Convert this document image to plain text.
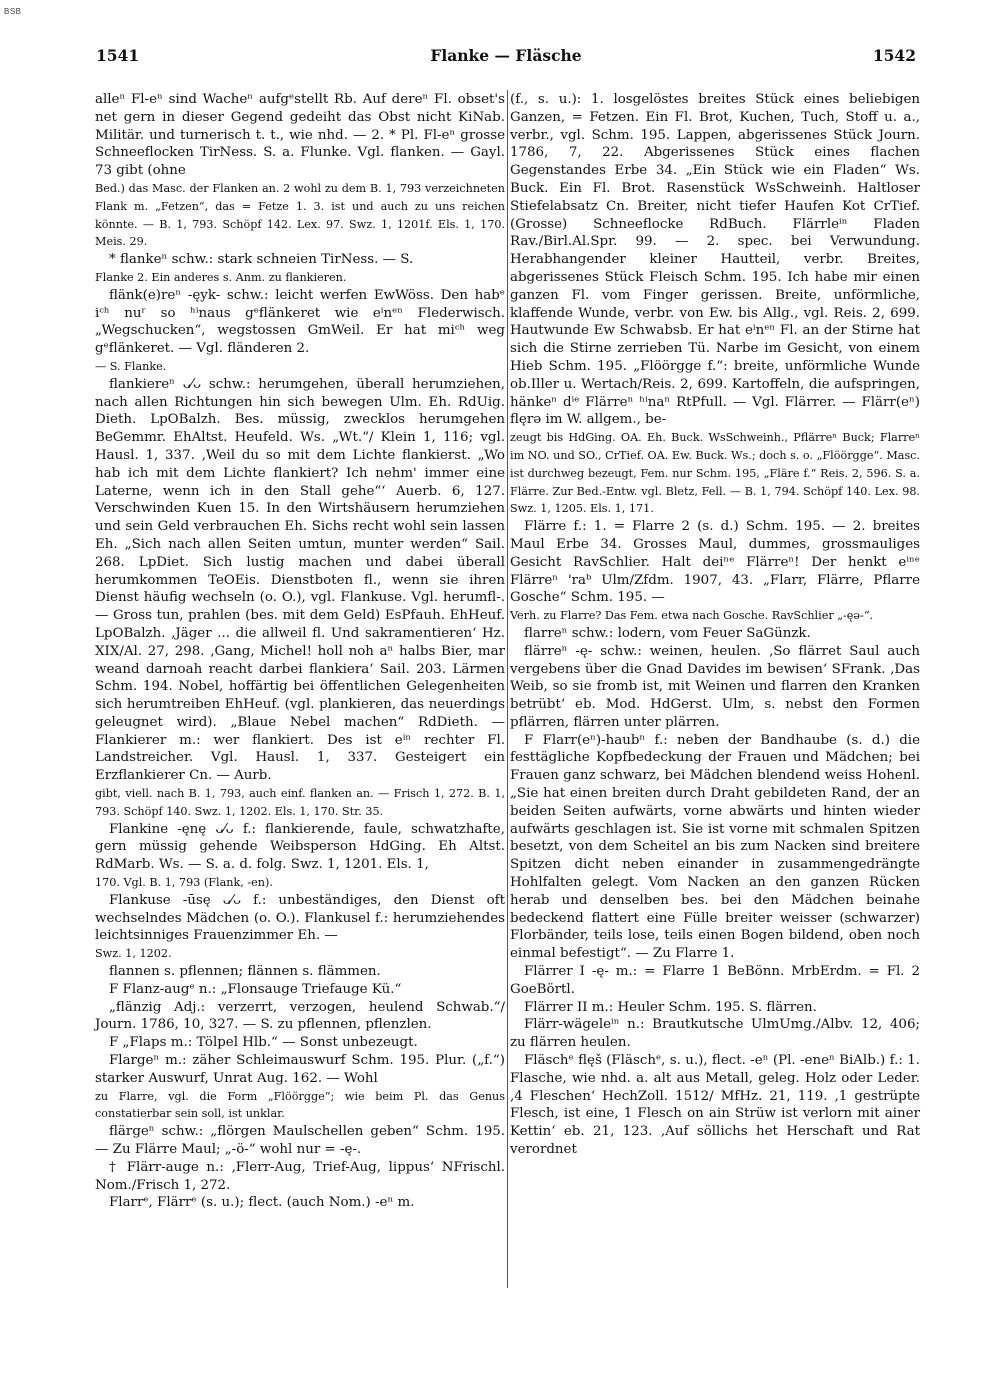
BSB
1541	Flanke — Fläsche	1542

alleⁿ Fl-eⁿ sind Wacheⁿ aufgᵉstellt Rb. Auf dereⁿ Fl. obset's net gern in dieser Gegend gedeiht das Obst nicht KiNab. Militär. und turnerisch t. t., wie nhd. — 2. * Pl. Fl-eⁿ grosse Schneeflocken TirNess. S. a. Flunke. Vgl. flanken. — Gayl. 73 gibt (ohne

Bed.) das Masc. der Flanken an. 2 wohl zu dem B. 1, 793 verzeichneten Flank m. „Fetzen“, das = Fetze 1. 3. ist und auch zu uns reichen könnte. — B. 1, 793. Schöpf 142. Lex. 97. Swz. 1, 1201f. Els. 1, 170. Meis. 29.

* flankeⁿ schw.: stark schneien TirNess. — S.

Flanke 2. Ein anderes s. Anm. zu flankieren.

flänk(e)reⁿ -ęyk- schw.: leicht werfen EwWöss. Den habᵉ iᶜʰ nuʳ so ʰⁱnaus gᵉflänkeret wie eⁱnᵉⁿ Flederwisch. „Wegschucken“, wegstossen GmWeil. Er hat miᶜʰ weg gᵉflänkeret. — Vgl. fländeren 2.

— S. Flanke.

flankiereⁿ ᴗ⁄ᴗ schw.: herumgehen, überall herumziehen, nach allen Richtungen hin sich bewegen Ulm. Eh. RdUig. Dieth. LpOBalzh. Bes. müssig, zwecklos herumgehen BeGemmr. EhAltst. Heufeld. Ws. „Wt.“/ Klein 1, 116; vgl. Hausl. 1, 337. ‚Weil du so mit dem Lichte flankierst. „Wo hab ich mit dem Lichte flankiert? Ich nehm' immer eine Laterne, wenn ich in den Stall gehe“‘ Auerb. 6, 127. Verschwinden Kuen 15. In den Wirtshäusern herumziehen und sein Geld verbrauchen Eh. Sichs recht wohl sein lassen Eh. „Sich nach allen Seiten umtun, munter werden“ Sail. 268. LpDiet. Sich lustig machen und dabei überall herumkommen TeOEis. Dienstboten fl., wenn sie ihren Dienst häufig wechseln (o. O.), vgl. Flankuse. Vgl. herumfl-. — Gross tun, prahlen (bes. mit dem Geld) EsPfauh. EhHeuf. LpOBalzh. ‚Jäger ... die allweil fl. Und sakramentieren‘ Hz. XIX/Al. 27, 298. ‚Gang, Michel! holl noh aⁿ halbs Bier, mar weand darnoah reacht darbei flankiera‘ Sail. 203. Lärmen Schm. 194. Nobel, hoffärtig bei öffentlichen Gelegenheiten sich herumtreiben EhHeuf. (vgl. plankieren, das neuerdings geleugnet wird). „Blaue Nebel machen“ RdDieth. — Flankierer m.: wer flankiert. Des ist eⁱⁿ rechter Fl. Landstreicher. Vgl. Hausl. 1, 337. Gesteigert ein Erzflankierer Cn. — Aurb.

gibt, viell. nach B. 1, 793, auch einf. flanken an. — Frisch 1, 272. B. 1, 793. Schöpf 140. Swz. 1, 1202. Els. 1, 170. Str. 35.

Flankine -ęnę ᴗ⁄ᴗ f.: flankierende, faule, schwatzhafte, gern müssig gehende Weibsperson HdGing. Eh Altst. RdMarb. Ws. — S. a. d. folg. Swz. 1, 1201. Els. 1,

170. Vgl. B. 1, 793 (Flank, -en).

Flankuse -ūsę ᴗ⁄ᴗ f.: unbeständiges, den Dienst oft wechselndes Mädchen (o. O.). Flankusel f.: herumziehendes leichtsinniges Frauenzimmer Eh. —

Swz. 1, 1202.

flannen s. pflennen; flännen s. flämmen.

F Flanz-augᵉ n.: „Flonsauge Triefauge Kü.“

„flänzig Adj.: verzerrt, verzogen, heulend Schwab.“/ Journ. 1786, 10, 327. — S. zu pflennen, pflenzlen.

F „Flaps m.: Tölpel Hlb.“ — Sonst unbezeugt.

Flargeⁿ m.: zäher Schleimauswurf Schm. 195. Plur. („f.“) starker Auswurf, Unrat Aug. 162. — Wohl

zu Flarre, vgl. die Form „Flöörgge“; wie beim Pl. das Genus constatierbar sein soll, ist unklar.

flärgeⁿ schw.: „flörgen Maulschellen geben“ Schm. 195. — Zu Flärre Maul; „-ö-“ wohl nur = -ę-.

† Flärr-auge n.: ‚Flerr-Aug, Trief-Aug, lippus‘ NFrischl. Nom./Frisch 1, 272.

Flarrᵉ, Flärrᵉ (s. u.); flect. (auch Nom.) -eⁿ m.

(f., s. u.): 1. losgelöstes breites Stück eines beliebigen Ganzen, = Fetzen. Ein Fl. Brot, Kuchen, Tuch, Stoff u. a., verbr., vgl. Schm. 195. Lappen, abgerissenes Stück Journ. 1786, 7, 22. Abgerissenes Stück eines flachen Gegenstandes Erbe 34. „Ein Stück wie ein Fladen“ Ws. Buck. Ein Fl. Brot. Rasenstück WsSchweinh. Haltloser Stiefelabsatz Cn. Breiter, nicht tiefer Haufen Kot CrTief. (Grosse) Schneeflocke RdBuch. Flärrleⁱⁿ Fladen Rav./Birl.Al.Spr. 99. — 2. spec. bei Verwundung. Herabhangender kleiner Hautteil, verbr. Breites, abgerissenes Stück Fleisch Schm. 195. Ich habe mir einen ganzen Fl. vom Finger gerissen. Breite, unförmliche, klaffende Wunde, verbr. von Ew. bis Allg., vgl. Reis. 2, 699. Hautwunde Ew Schwabsb. Er hat eⁱnᵉⁿ Fl. an der Stirne hat sich die Stirne zerrieben Tü. Narbe im Gesicht, von einem Hieb Schm. 195. „Flöörgge f.“: breite, unförmliche Wunde ob.Iller u. Wertach/Reis. 2, 699. Kartoffeln, die aufspringen, hänkeⁿ dⁱᵉ Flärreⁿ ʰⁱnaⁿ RtPfull. — Vgl. Flärrer. — Flärr(eⁿ) flęrə im W. allgem., be-

zeugt bis HdGing. OA. Eh. Buck. WsSchweinh., Pflärreⁿ Buck; Flarreⁿ im NO. und SO., CrTief. OA. Ew. Buck. Ws.; doch s. o. „Flöörgge“. Masc. ist durchweg bezeugt, Fem. nur Schm. 195, „Fläre f.“ Reis. 2, 596. S. a. Flärre. Zur Bed.-Entw. vgl. Bletz, Fell. — B. 1, 794. Schöpf 140. Lex. 98. Swz. 1, 1205. Els. 1, 171.

Flärre f.: 1. = Flarre 2 (s. d.) Schm. 195. — 2. breites Maul Erbe 34. Grosses Maul, dummes, grossmauliges Gesicht RavSchlier. Halt deiⁿᵉ Flärreⁿ! Der henkt eⁱⁿᵉ Flärreⁿ 'raᵇ Ulm/Zfdm. 1907, 43. „Flarr, Flärre, Pflarre Gosche“ Schm. 195. —

Verh. zu Flarre? Das Fem. etwa nach Gosche. RavSchlier „-ęə-“.

flarreⁿ schw.: lodern, vom Feuer SaGünzk.

flärreⁿ -ę- schw.: weinen, heulen. ‚So flärret Saul auch vergebens über die Gnad Davides im bewisen‘ SFrank. ‚Das Weib, so sie fromb ist, mit Weinen und flarren den Kranken betrübt‘ eb. Mod. HdGerst. Ulm, s. nebst den Formen pflärren, flärren unter plärren.

F Flarr(eⁿ)-haubⁿ f.: neben der Bandhaube (s. d.) die festtägliche Kopfbedeckung der Frauen und Mädchen; bei Frauen ganz schwarz, bei Mädchen blendend weiss Hohenl. „Sie hat einen breiten durch Draht gebildeten Rand, der an beiden Seiten aufwärts, vorne abwärts und hinten wieder aufwärts geschlagen ist. Sie ist vorne mit schmalen Spitzen besetzt, von dem Scheitel an bis zum Nacken sind breitere Spitzen dicht neben einander in zusammengedrängte Hohlfalten gelegt. Vom Nacken an den ganzen Rücken herab und denselben bes. bei den Mädchen beinahe bedeckend flattert eine Fülle breiter weisser (schwarzer) Florbänder, teils lose, teils einen Bogen bildend, oben noch einmal befestigt“. — Zu Flarre 1.

Flärrer I -ę- m.: = Flarre 1 BeBönn. MrbErdm. = Fl. 2 GoeBörtl.

Flärrer II m.: Heuler Schm. 195. S. flärren.

Flärr-wägeleⁱⁿ n.: Brautkutsche UlmUmg./Albv. 12, 406; zu flärren heulen.

Fläschᵉ flęš (Fläschᵉ, s. u.), flect. -eⁿ (Pl. -eneⁿ BiAlb.) f.: 1. Flasche, wie nhd. a. alt aus Metall, geleg. Holz oder Leder. ‚4 Fleschen‘ HechZoll. 1512/ MfHz. 21, 119. ‚1 gestrüpte Flesch, ist eine, 1 Flesch on ain Strüw ist verlorn mit ainer Kettin‘ eb. 21, 123. ‚Auf söllichs het Herschaft und Rat verordnet
